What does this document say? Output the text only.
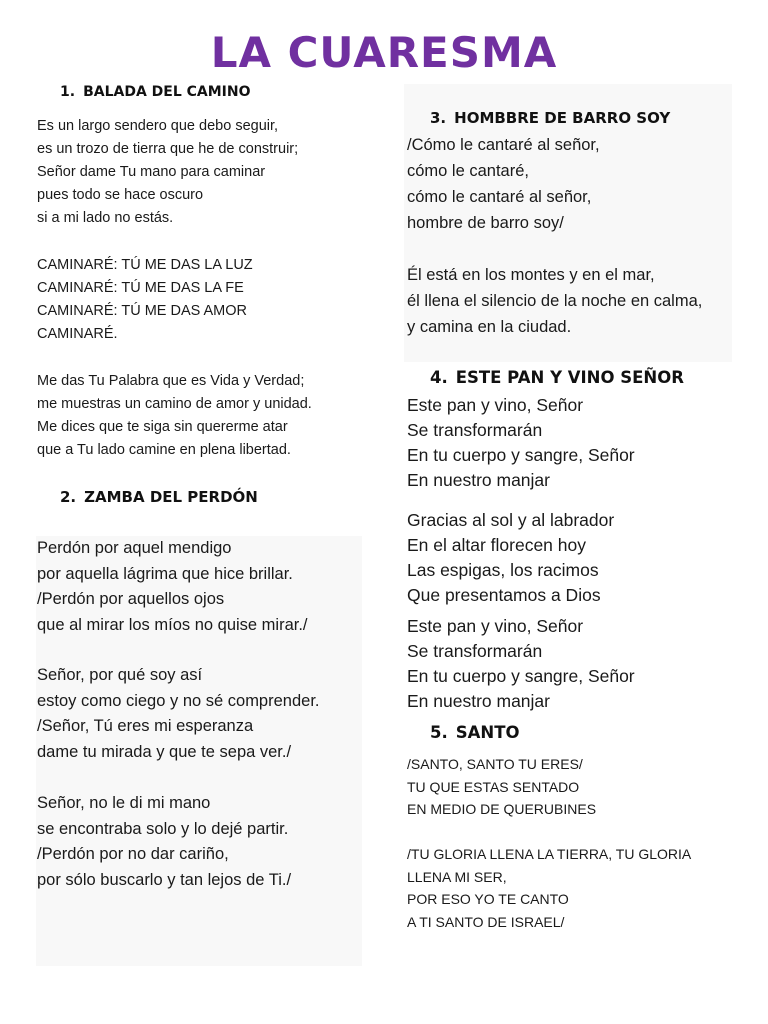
LA CUARESMA
1. BALADA DEL CAMINO
Es un largo sendero que debo seguir,
es un trozo de tierra que he de construir;
Señor dame Tu mano para caminar
pues todo se hace oscuro
si a mi lado no estás.
CAMINARÉ: TÚ ME DAS LA LUZ
CAMINARÉ: TÚ ME DAS LA FE
CAMINARÉ: TÚ ME DAS AMOR
CAMINARÉ.
Me das Tu Palabra que es Vida y Verdad;
me muestras un camino de amor y unidad.
Me dices que te siga sin quererme atar
que a Tu lado camine en plena libertad.
2. ZAMBA DEL PERDÓN
Perdón por aquel mendigo
por aquella lágrima que hice brillar.
/Perdón por aquellos ojos
que al mirar los míos no quise mirar./
Señor, por qué soy así
estoy como ciego y no sé comprender.
/Señor, Tú eres mi esperanza
dame tu mirada y que te sepa ver./
Señor, no le di mi mano
se encontraba solo y lo dejé partir.
/Perdón por no dar cariño,
por sólo buscarlo y tan lejos de Ti./
3. HOMBBRE DE BARRO SOY
/Cómo le cantaré al señor,
cómo le cantaré,
cómo le cantaré al señor,
hombre de barro soy/
Él está en los montes y en el mar,
él llena el silencio de la noche en calma,
y camina en la ciudad.
4. ESTE PAN Y VINO SEÑOR
Este pan y vino, Señor
Se transformarán
En tu cuerpo y sangre, Señor
En nuestro manjar
Gracias al sol y al labrador
En el altar florecen hoy
Las espigas, los racimos
Que presentamos a Dios
Este pan y vino, Señor
Se transformarán
En tu cuerpo y sangre, Señor
En nuestro manjar
5. SANTO
/SANTO, SANTO TU ERES/
TU QUE ESTAS SENTADO
EN MEDIO DE QUERUBINES
/TU GLORIA LLENA LA TIERRA, TU GLORIA
LLENA MI SER,
POR ESO YO TE CANTO
A TI SANTO DE ISRAEL/
